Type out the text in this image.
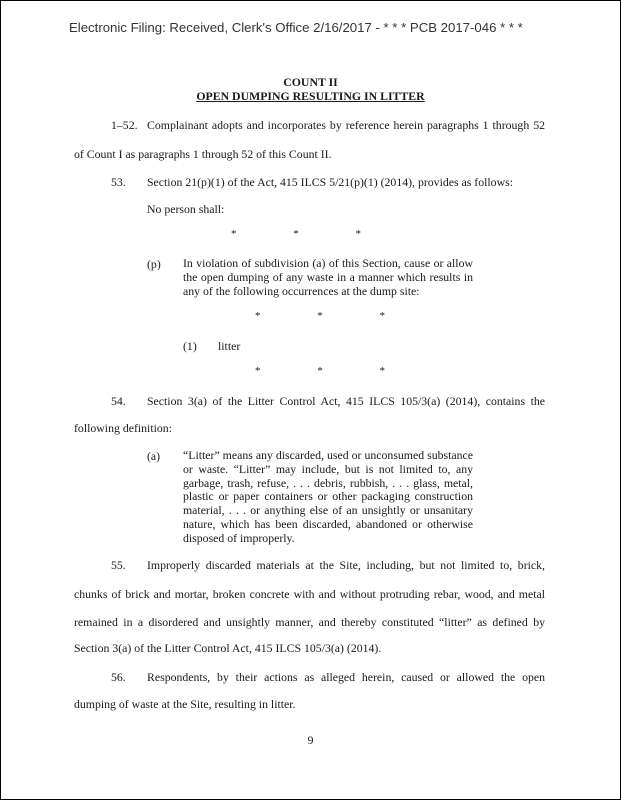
Electronic Filing: Received, Clerk's Office 2/16/2017 - * * * PCB 2017-046 * * *
COUNT II
OPEN DUMPING RESULTING IN LITTER
1–52. Complainant adopts and incorporates by reference herein paragraphs 1 through 52
of Count I as paragraphs 1 through 52 of this Count II.
53. Section 21(p)(1) of the Act, 415 ILCS 5/21(p)(1) (2014), provides as follows:
No person shall:
*	*	*
(p) In violation of subdivision (a) of this Section, cause or allow the open dumping of any waste in a manner which results in any of the following occurrences at the dump site:
*	*	*
(1) litter
*	*	*
54. Section 3(a) of the Litter Control Act, 415 ILCS 105/3(a) (2014), contains the
following definition:
(a) “Litter” means any discarded, used or unconsumed substance or waste. “Litter” may include, but is not limited to, any garbage, trash, refuse, . . . debris, rubbish, . . . glass, metal, plastic or paper containers or other packaging construction material, . . . or anything else of an unsightly or unsanitary nature, which has been discarded, abandoned or otherwise disposed of improperly.
55. Improperly discarded materials at the Site, including, but not limited to, brick,
chunks of brick and mortar, broken concrete with and without protruding rebar, wood, and metal
remained in a disordered and unsightly manner, and thereby constituted “litter” as defined by
Section 3(a) of the Litter Control Act, 415 ILCS 105/3(a) (2014).
56. Respondents, by their actions as alleged herein, caused or allowed the open
dumping of waste at the Site, resulting in litter.
9
